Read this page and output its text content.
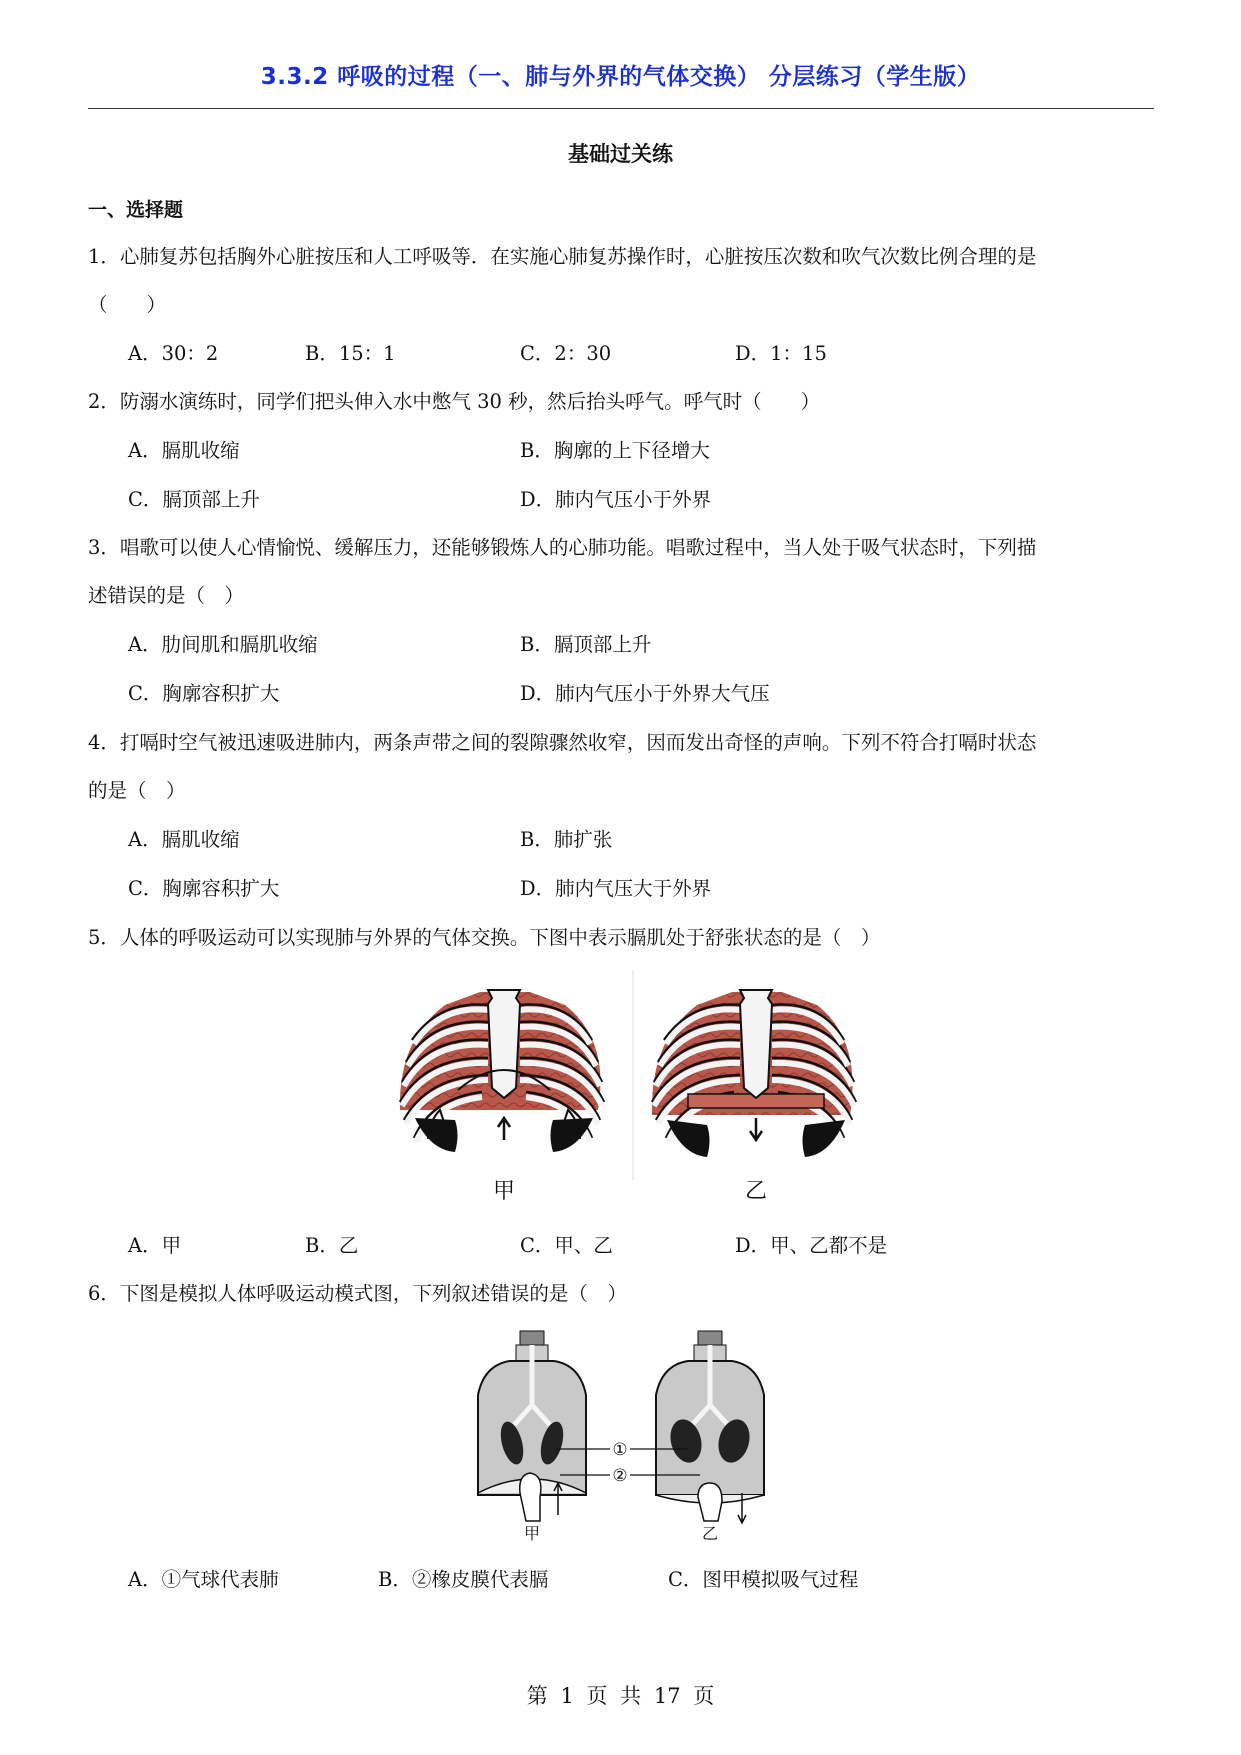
3.3.2 呼吸的过程（一、肺与外界的气体交换） 分层练习（学生版）
基础过关练
一、选择题
1．心肺复苏包括胸外心脏按压和人工呼吸等．在实施心肺复苏操作时，心脏按压次数和吹气次数比例合理的是
（　　）
A．30：2	B．15：1	C．2：30	D．1：15
2．防溺水演练时，同学们把头伸入水中憋气 30 秒，然后抬头呼气。呼气时（　　）
A．膈肌收缩	B．胸廓的上下径增大
C．膈顶部上升	D．肺内气压小于外界
3．唱歌可以使人心情愉悦、缓解压力，还能够锻炼人的心肺功能。唱歌过程中，当人处于吸气状态时，下列描
述错误的是（　）
A．肋间肌和膈肌收缩	B．膈顶部上升
C．胸廓容积扩大	D．肺内气压小于外界大气压
4．打嗝时空气被迅速吸进肺内，两条声带之间的裂隙骤然收窄，因而发出奇怪的声响。下列不符合打嗝时状态
的是（　）
A．膈肌收缩	B．肺扩张
C．胸廓容积扩大	D．肺内气压大于外界
5．人体的呼吸运动可以实现肺与外界的气体交换。下图中表示膈肌处于舒张状态的是（　）
甲	乙
A．甲	B．乙	C．甲、乙	D．甲、乙都不是
6．下图是模拟人体呼吸运动模式图，下列叙述错误的是（　）
甲	乙
①
②
A．①气球代表肺	B．②橡皮膜代表膈	C．图甲模拟吸气过程
第 1 页 共 17 页
